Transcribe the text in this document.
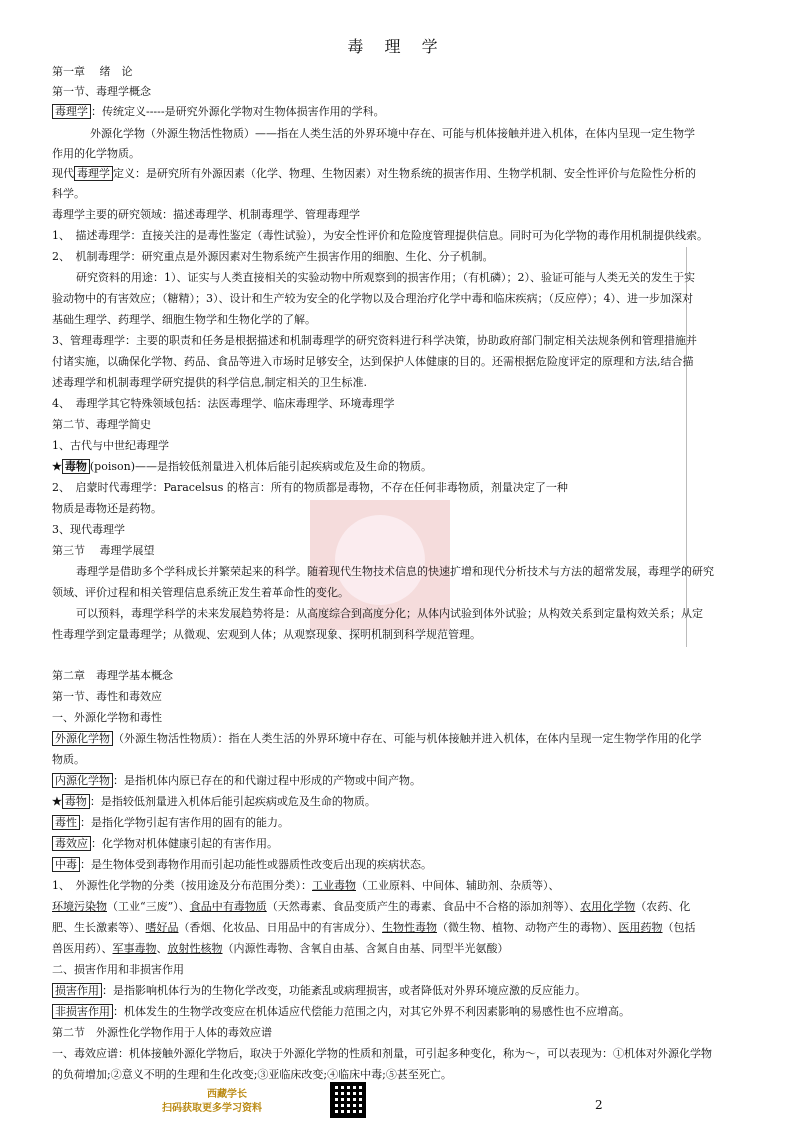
毒 理 学
第一章　 绪　论
第一节、毒理学概念
毒理学 ：传统定义-----是研究外源化学物对生物体损害作用的学科。
外源化学物（外源生物活性物质）——指在人类生活的外界环境中存在、可能与机体接触并进入机体，在体内呈现一定生物学
作用的化学物质。
现代 毒理学 定义：是研究所有外源因素（化学、物理、生物因素）对生物系统的损害作用、生物学机制、安全性评价与危险性分析的
科学。
毒理学主要的研究领域：描述毒理学、机制毒理学、管理毒理学
1、　描述毒理学：直接关注的是毒性鉴定（毒性试验），为安全性评价和危险度管理提供信息。同时可为化学物的毒作用机制提供线索。
2、　机制毒理学：研究重点是外源因素对生物系统产生损害作用的细胞、生化、分子机制。
研究资料的用途：1）、证实与人类直接相关的实验动物中所观察到的损害作用；（有机磷）；2）、验证可能与人类无关的发生于实
验动物中的有害效应；（糖精）；3）、设计和生产较为安全的化学物以及合理治疗化学中毒和临床疾病；（反应停）；4）、进一步加深对
基础生理学、药理学、细胞生物学和生物化学的了解。
3、管理毒理学：主要的职责和任务是根据描述和机制毒理学的研究资料进行科学决策，协助政府部门制定相关法规条例和管理措施并
付诸实施，以确保化学物、药品、食品等进入市场时足够安全，达到保护人体健康的目的。还需根据危险度评定的原理和方法,结合描
述毒理学和机制毒理学研究提供的科学信息,制定相关的卫生标准.
4、　毒理学其它特殊领域包括：法医毒理学、临床毒理学、环境毒理学
第二节、毒理学简史
1、古代与中世纪毒理学
★ 毒物 (poison)——是指较低剂量进入机体后能引起疾病或危及生命的物质。
2、　启蒙时代毒理学：Paracelsus 的格言：所有的物质都是毒物，不存在任何非毒物质，剂量决定了一种
物质是毒物还是药物。
3、现代毒理学
第三节　 毒理学展望
毒理学是借助多个学科成长并繁荣起来的科学。随着现代生物技术信息的快速扩增和现代分析技术与方法的超常发展，毒理学的研究
领域、评价过程和相关管理信息系统正发生着革命性的变化。
可以预料，毒理学科学的未来发展趋势将是：从高度综合到高度分化；从体内试验到体外试验；从构效关系到定量构效关系；从定
性毒理学到定量毒理学；从微观、宏观到人体；从观察现象、探明机制到科学规范管理。
第二章　毒理学基本概念
第一节、毒性和毒效应
一、外源化学物和毒性
外源化学物 （外源生物活性物质）：指在人类生活的外界环境中存在、可能与机体接触并进入机体，在体内呈现一定生物学作用的化学
物质。
内源化学物 ：是指机体内原已存在的和代谢过程中形成的产物或中间产物。
★ 毒物 ：是指较低剂量进入机体后能引起疾病或危及生命的物质。
毒性 ：是指化学物引起有害作用的固有的能力。
毒效应 ：化学物对机体健康引起的有害作用。
中毒 ：是生物体受到毒物作用而引起功能性或器质性改变后出现的疾病状态。
1、　外源性化学物的分类（按用途及分布范围分类）：工业毒物（工业原料、中间体、辅助剂、杂质等）、
环境污染物（工业“三废”）、食品中有毒物质（天然毒素、食品变质产生的毒素、食品中不合格的添加剂等）、农用化学物（农药、化
肥、生长激素等）、嗜好品（香烟、化妆品、日用品中的有害成分）、生物性毒物（微生物、植物、动物产生的毒物）、医用药物（包括
兽医用药）、军事毒物、放射性核物（内源性毒物、含氧自由基、含氮自由基、同型半光氨酸）
二、损害作用和非损害作用
损害作用 ：是指影响机体行为的生物化学改变，功能紊乱或病理损害，或者降低对外界环境应激的反应能力。
非损害作用 ：机体发生的生物学改变应在机体适应代偿能力范围之内，对其它外界不利因素影响的易感性也不应增高。
第二节　外源性化学物作用于人体的毒效应谱
一、毒效应谱：机体接触外源化学物后，取决于外源化学物的性质和剂量，可引起多种变化，称为～，可以表现为：①机体对外源化学物
的负荷增加;②意义不明的生理和生化改变;③亚临床改变;④临床中毒;⑤甚至死亡。
西藏学长
扫码获取更多学习资料	2
